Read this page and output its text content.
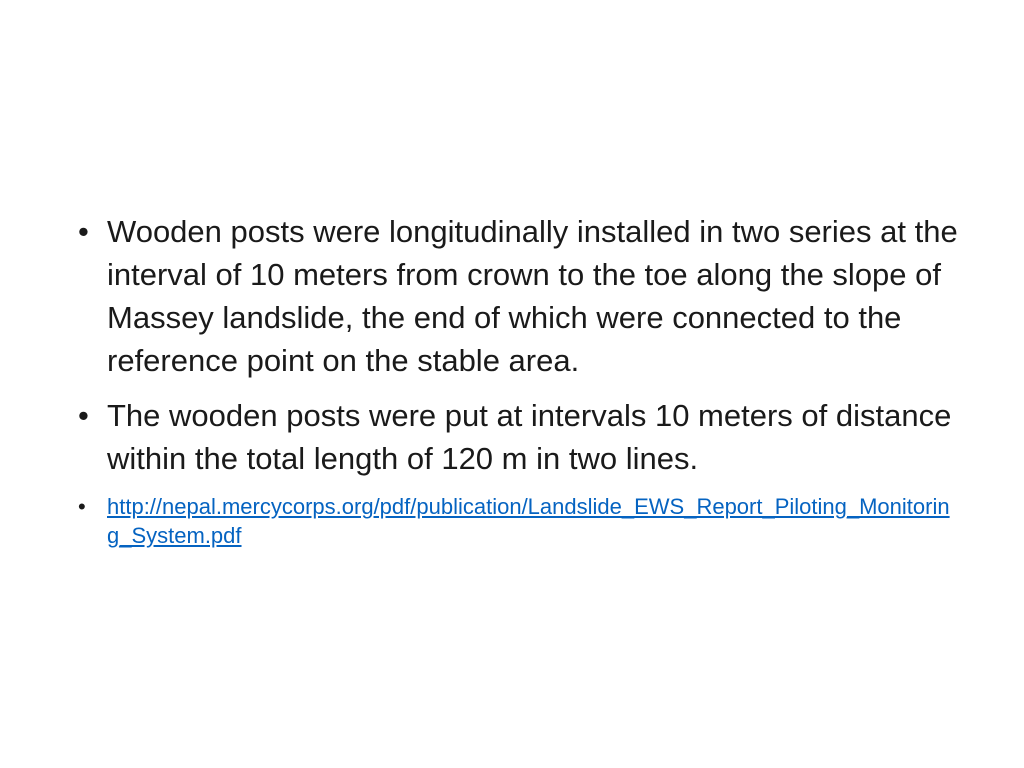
• Wooden posts were longitudinally installed in two series at the interval of 10 meters from crown to the toe along the slope of Massey landslide, the end of which were connected to the reference point on the stable area.
• The wooden posts were put at intervals 10 meters of distance within the total length of 120 m in two lines.
• http://nepal.mercycorps.org/pdf/publication/Landslide_EWS_Report_Piloting_Monitoring_System.pdf
